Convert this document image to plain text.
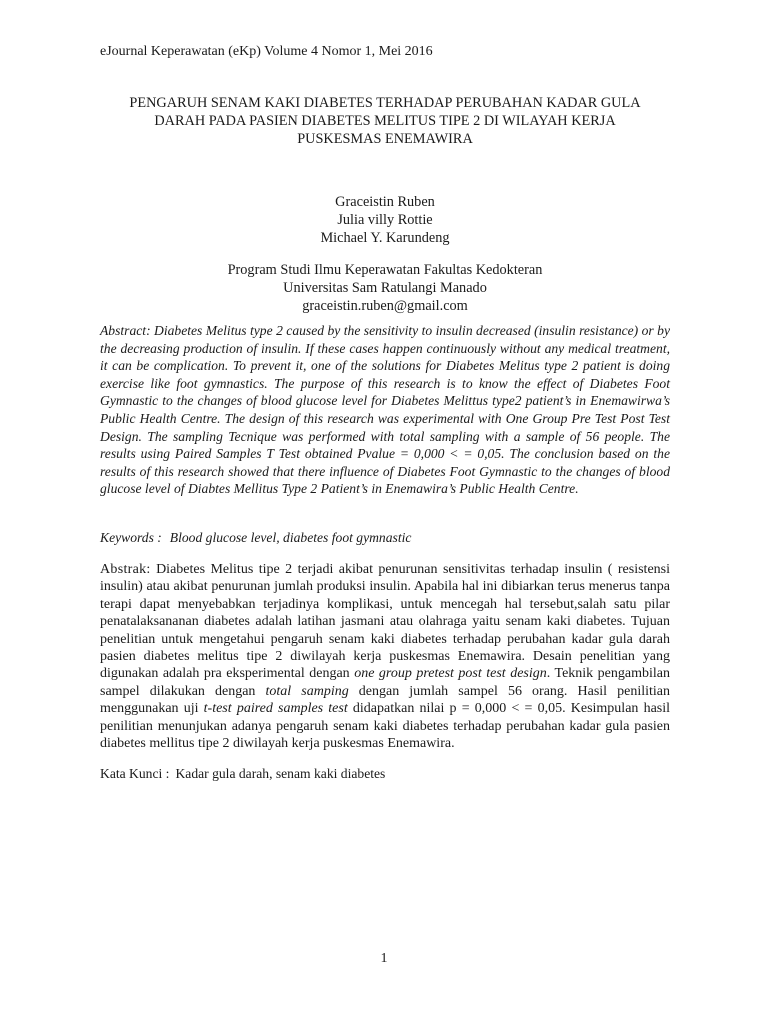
eJournal Keperawatan (eKp) Volume 4 Nomor 1, Mei 2016
PENGARUH SENAM KAKI DIABETES TERHADAP PERUBAHAN KADAR GULA
DARAH PADA PASIEN DIABETES MELITUS TIPE 2 DI WILAYAH KERJA
PUSKESMAS ENEMAWIRA
Graceistin Ruben
Julia villy Rottie
Michael Y. Karundeng
Program Studi Ilmu Keperawatan Fakultas Kedokteran
Universitas Sam Ratulangi Manado
graceistin.ruben@gmail.com

Abstract: Diabetes Melitus type 2 caused by the sensitivity to insulin decreased (insulin resistance) or by the decreasing production of insulin. If these cases happen continuously without any medical treatment, it can be complication. To prevent it, one of the solutions for Diabetes Melitus type 2 patient is doing exercise like foot gymnastics. The purpose of this research is to know the effect of Diabetes Foot Gymnastic to the changes of blood glucose level for Diabetes Melittus type2 patient’s in Enemawirwa’s Public Health Centre. The design of this research was experimental with One Group Pre Test Post Test Design. The sampling Tecnique was performed with total sampling with a sample of 56 people. The results using Paired Samples T Test obtained Pvalue = 0,000 < = 0,05. The conclusion based on the results of this research showed that there influence of Diabetes Foot Gymnastic to the changes of blood glucose level of Diabtes Mellitus Type 2 Patient’s in Enemawira’s Public Health Centre.

Keywords : Blood glucose level, diabetes foot gymnastic

Abstrak: Diabetes Melitus tipe 2 terjadi akibat penurunan sensitivitas terhadap insulin ( resistensi insulin) atau akibat penurunan jumlah produksi insulin. Apabila hal ini dibiarkan terus menerus tanpa terapi dapat menyebabkan terjadinya komplikasi, untuk mencegah hal tersebut,salah satu pilar penatalaksananan diabetes adalah latihan jasmani atau olahraga yaitu senam kaki diabetes. Tujuan penelitian untuk mengetahui pengaruh senam kaki diabetes terhadap perubahan kadar gula darah pasien diabetes melitus tipe 2 diwilayah kerja puskesmas Enemawira. Desain penelitian yang digunakan adalah pra eksperimental dengan one group pretest post test design. Teknik pengambilan sampel dilakukan dengan total samping dengan jumlah sampel 56 orang. Hasil penilitian menggunakan uji t-test paired samples test didapatkan nilai p = 0,000 < = 0,05. Kesimpulan hasil penilitian menunjukan adanya pengaruh senam kaki diabetes terhadap perubahan kadar gula pasien diabetes mellitus tipe 2 diwilayah kerja puskesmas Enemawira.

Kata Kunci : Kadar gula darah, senam kaki diabetes

1
